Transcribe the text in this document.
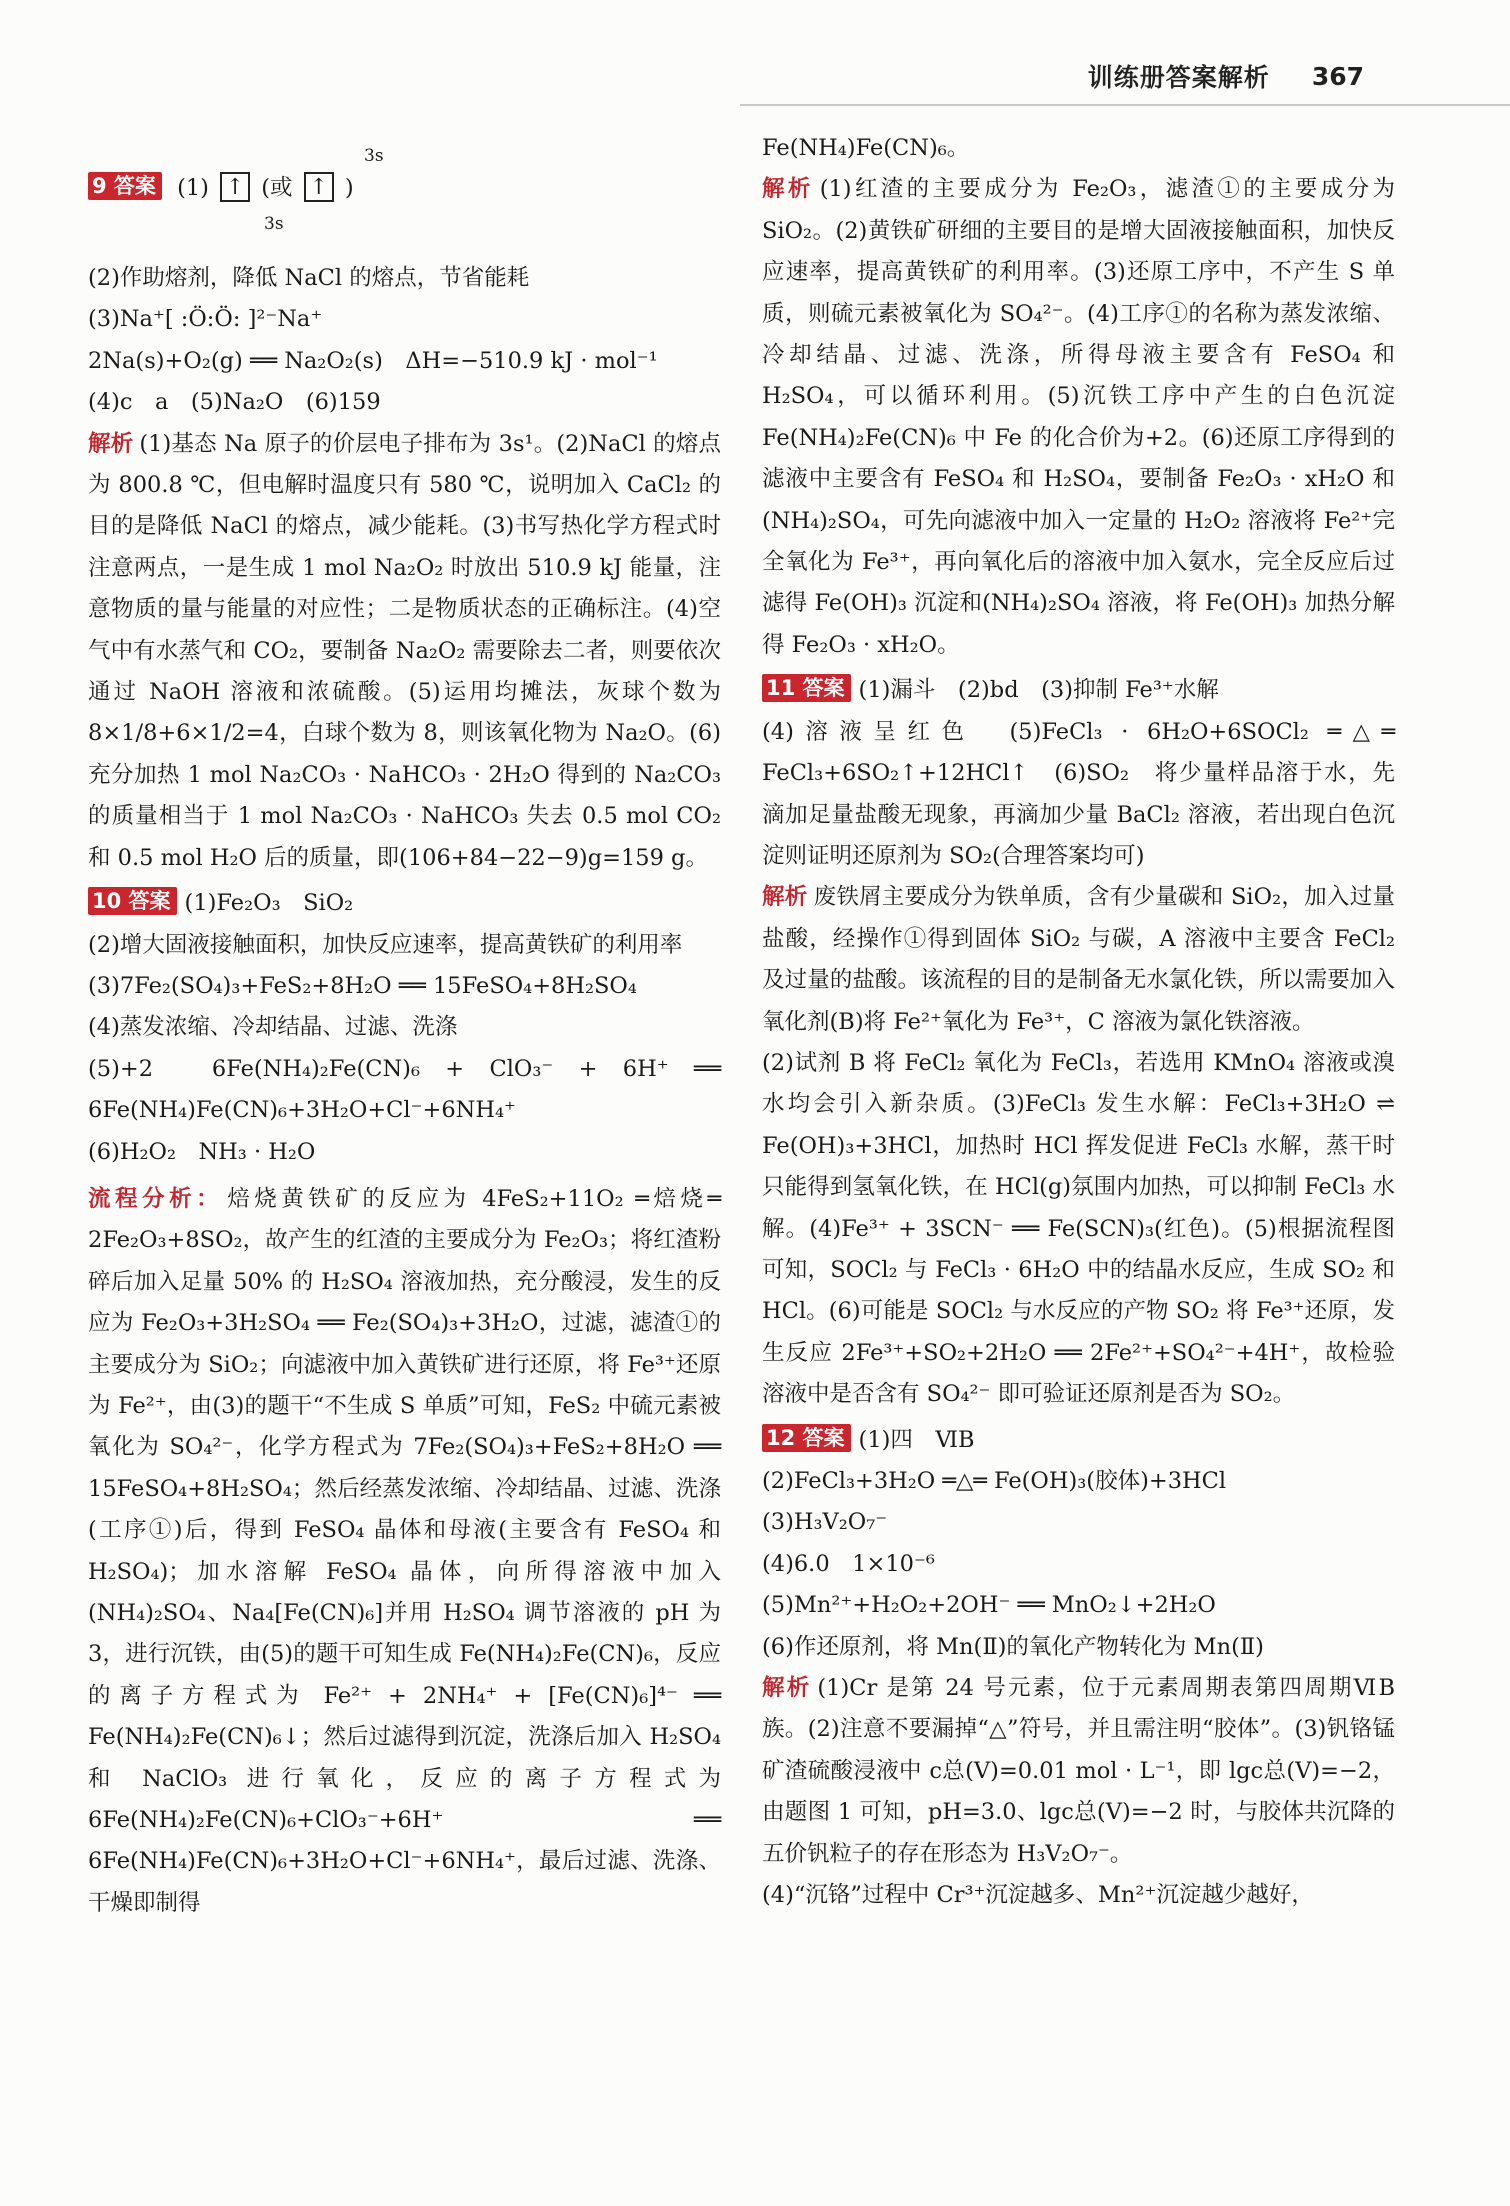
训练册答案解析 367
3s
9 答案 (1) ↑ (或 ↑ )
3s

(2)作助熔剂，降低 NaCl 的熔点，节省能耗

(3)Na⁺[ :Ö:Ö: ]²⁻Na⁺

2Na(s)+O₂(g) ══ Na₂O₂(s)　ΔH=−510.9 kJ · mol⁻¹

(4)c　a　(5)Na₂O　(6)159

解析 (1)基态 Na 原子的价层电子排布为 3s¹。(2)NaCl 的熔点为 800.8 ℃，但电解时温度只有 580 ℃，说明加入 CaCl₂ 的目的是降低 NaCl 的熔点，减少能耗。(3)书写热化学方程式时注意两点，一是生成 1 mol Na₂O₂ 时放出 510.9 kJ 能量，注意物质的量与能量的对应性；二是物质状态的正确标注。(4)空气中有水蒸气和 CO₂，要制备 Na₂O₂ 需要除去二者，则要依次通过 NaOH 溶液和浓硫酸。(5)运用均摊法，灰球个数为 8×1/8+6×1/2=4，白球个数为 8，则该氧化物为 Na₂O。(6)充分加热 1 mol Na₂CO₃ · NaHCO₃ · 2H₂O 得到的 Na₂CO₃ 的质量相当于 1 mol Na₂CO₃ · NaHCO₃ 失去 0.5 mol CO₂ 和 0.5 mol H₂O 后的质量，即(106+84−22−9)g=159 g。

10 答案 (1)Fe₂O₃　SiO₂

(2)增大固液接触面积，加快反应速率，提高黄铁矿的利用率

(3)7Fe₂(SO₄)₃+FeS₂+8H₂O ══ 15FeSO₄+8H₂SO₄

(4)蒸发浓缩、冷却结晶、过滤、洗涤

(5)+2　6Fe(NH₄)₂Fe(CN)₆ + ClO₃⁻ + 6H⁺ ══ 6Fe(NH₄)Fe(CN)₆+3H₂O+Cl⁻+6NH₄⁺

(6)H₂O₂　NH₃ · H₂O

流程分析： 焙烧黄铁矿的反应为 4FeS₂+11O₂ ═焙烧═ 2Fe₂O₃+8SO₂，故产生的红渣的主要成分为 Fe₂O₃；将红渣粉碎后加入足量 50% 的 H₂SO₄ 溶液加热，充分酸浸，发生的反应为 Fe₂O₃+3H₂SO₄ ══ Fe₂(SO₄)₃+3H₂O，过滤，滤渣①的主要成分为 SiO₂；向滤液中加入黄铁矿进行还原，将 Fe³⁺还原为 Fe²⁺，由(3)的题干“不生成 S 单质”可知，FeS₂ 中硫元素被氧化为 SO₄²⁻，化学方程式为 7Fe₂(SO₄)₃+FeS₂+8H₂O ══ 15FeSO₄+8H₂SO₄；然后经蒸发浓缩、冷却结晶、过滤、洗涤(工序①)后，得到 FeSO₄ 晶体和母液(主要含有 FeSO₄ 和 H₂SO₄)；加水溶解 FeSO₄ 晶体，向所得溶液中加入(NH₄)₂SO₄、Na₄[Fe(CN)₆]并用 H₂SO₄ 调节溶液的 pH 为 3，进行沉铁，由(5)的题干可知生成 Fe(NH₄)₂Fe(CN)₆，反应的离子方程式为 Fe²⁺ + 2NH₄⁺ + [Fe(CN)₆]⁴⁻ ══ Fe(NH₄)₂Fe(CN)₆↓；然后过滤得到沉淀，洗涤后加入 H₂SO₄ 和 NaClO₃ 进行氧化，反应的离子方程式为 6Fe(NH₄)₂Fe(CN)₆+ClO₃⁻+6H⁺ ══ 6Fe(NH₄)Fe(CN)₆+3H₂O+Cl⁻+6NH₄⁺，最后过滤、洗涤、干燥即制得

Fe(NH₄)Fe(CN)₆。

解析 (1)红渣的主要成分为 Fe₂O₃，滤渣①的主要成分为 SiO₂。(2)黄铁矿研细的主要目的是增大固液接触面积，加快反应速率，提高黄铁矿的利用率。(3)还原工序中，不产生 S 单质，则硫元素被氧化为 SO₄²⁻。(4)工序①的名称为蒸发浓缩、冷却结晶、过滤、洗涤，所得母液主要含有 FeSO₄ 和 H₂SO₄，可以循环利用。(5)沉铁工序中产生的白色沉淀 Fe(NH₄)₂Fe(CN)₆ 中 Fe 的化合价为+2。(6)还原工序得到的滤液中主要含有 FeSO₄ 和 H₂SO₄，要制备 Fe₂O₃ · xH₂O 和(NH₄)₂SO₄，可先向滤液中加入一定量的 H₂O₂ 溶液将 Fe²⁺完全氧化为 Fe³⁺，再向氧化后的溶液中加入氨水，完全反应后过滤得 Fe(OH)₃ 沉淀和(NH₄)₂SO₄ 溶液，将 Fe(OH)₃ 加热分解得 Fe₂O₃ · xH₂O。

11 答案 (1)漏斗　(2)bd　(3)抑制 Fe³⁺水解

(4)溶液呈红色　(5)FeCl₃ · 6H₂O+6SOCl₂ ═△═ FeCl₃+6SO₂↑+12HCl↑　(6)SO₂　将少量样品溶于水，先滴加足量盐酸无现象，再滴加少量 BaCl₂ 溶液，若出现白色沉淀则证明还原剂为 SO₂(合理答案均可)

解析 废铁屑主要成分为铁单质，含有少量碳和 SiO₂，加入过量盐酸，经操作①得到固体 SiO₂ 与碳，A 溶液中主要含 FeCl₂ 及过量的盐酸。该流程的目的是制备无水氯化铁，所以需要加入氧化剂(B)将 Fe²⁺氧化为 Fe³⁺，C 溶液为氯化铁溶液。

(2)试剂 B 将 FeCl₂ 氧化为 FeCl₃，若选用 KMnO₄ 溶液或溴水均会引入新杂质。(3)FeCl₃ 发生水解：FeCl₃+3H₂O ⇌ Fe(OH)₃+3HCl，加热时 HCl 挥发促进 FeCl₃ 水解，蒸干时只能得到氢氧化铁，在 HCl(g)氛围内加热，可以抑制 FeCl₃ 水解。(4)Fe³⁺ + 3SCN⁻ ══ Fe(SCN)₃(红色)。(5)根据流程图可知，SOCl₂ 与 FeCl₃ · 6H₂O 中的结晶水反应，生成 SO₂ 和 HCl。(6)可能是 SOCl₂ 与水反应的产物 SO₂ 将 Fe³⁺还原，发生反应 2Fe³⁺+SO₂+2H₂O ══ 2Fe²⁺+SO₄²⁻+4H⁺，故检验溶液中是否含有 SO₄²⁻ 即可验证还原剂是否为 SO₂。

12 答案 (1)四　ⅥB

(2)FeCl₃+3H₂O ═△═ Fe(OH)₃(胶体)+3HCl

(3)H₃V₂O₇⁻

(4)6.0　1×10⁻⁶

(5)Mn²⁺+H₂O₂+2OH⁻ ══ MnO₂↓+2H₂O

(6)作还原剂，将 Mn(Ⅱ)的氧化产物转化为 Mn(Ⅱ)

解析 (1)Cr 是第 24 号元素，位于元素周期表第四周期ⅥB 族。(2)注意不要漏掉“△”符号，并且需注明“胶体”。(3)钒铬锰矿渣硫酸浸液中 c总(V)=0.01 mol · L⁻¹，即 lgc总(V)=−2，由题图 1 可知，pH=3.0、lgc总(V)=−2 时，与胶体共沉降的五价钒粒子的存在形态为 H₃V₂O₇⁻。

(4)“沉铬”过程中 Cr³⁺沉淀越多、Mn²⁺沉淀越少越好，
